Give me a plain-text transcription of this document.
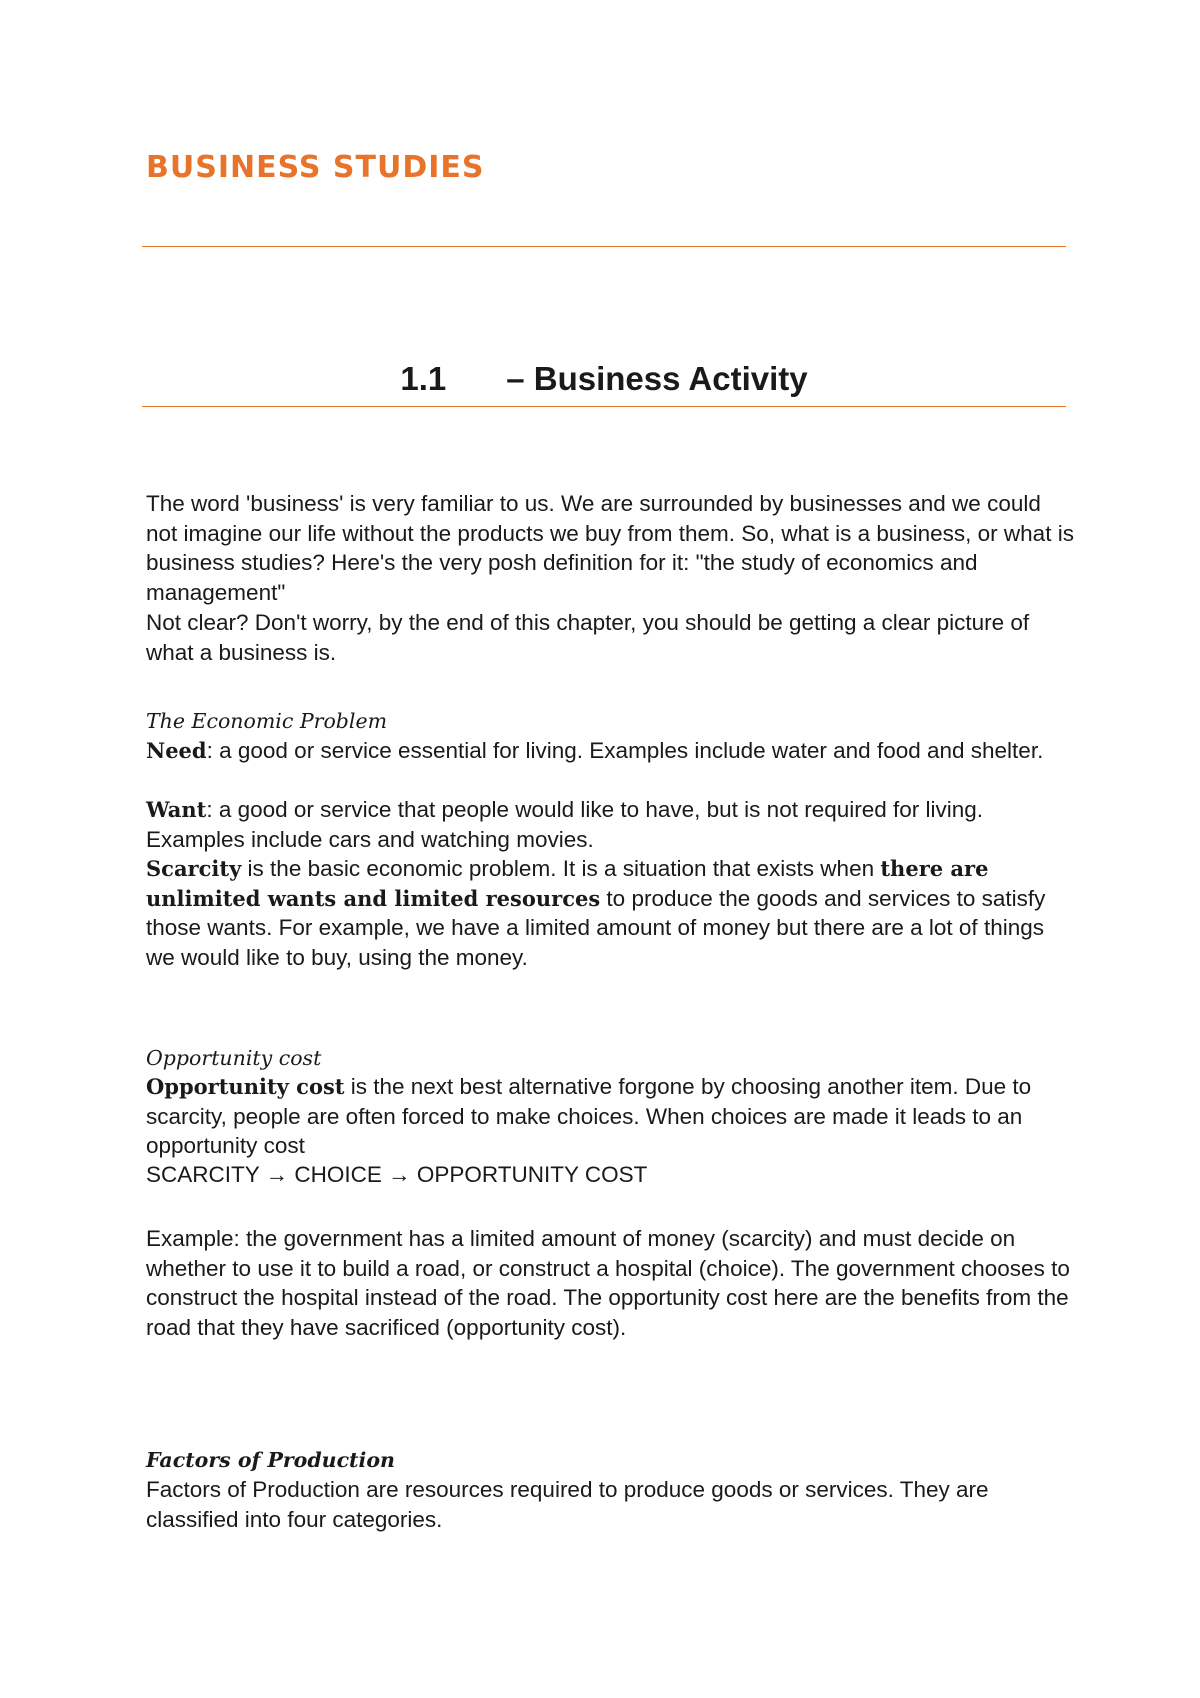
BUSINESS STUDIES
1.1 – Business Activity

The word 'business' is very familiar to us. We are surrounded by businesses and we could not imagine our life without the products we buy from them. So, what is a business, or what is business studies? Here's the very posh definition for it: "the study of economics and management"

Not clear? Don't worry, by the end of this chapter, you should be getting a clear picture of what a business is.

The Economic Problem

Need: a good or service essential for living. Examples include water and food and shelter.

Want: a good or service that people would like to have, but is not required for living. Examples include cars and watching movies.

Scarcity is the basic economic problem. It is a situation that exists when there are unlimited wants and limited resources to produce the goods and services to satisfy those wants. For example, we have a limited amount of money but there are a lot of things we would like to buy, using the money.

Opportunity cost

Opportunity cost is the next best alternative forgone by choosing another item. Due to scarcity, people are often forced to make choices. When choices are made it leads to an opportunity cost

SCARCITY → CHOICE → OPPORTUNITY COST

Example: the government has a limited amount of money (scarcity) and must decide on whether to use it to build a road, or construct a hospital (choice). The government chooses to construct the hospital instead of the road. The opportunity cost here are the benefits from the road that they have sacrificed (opportunity cost).

Factors of Production

Factors of Production are resources required to produce goods or services. They are classified into four categories.
